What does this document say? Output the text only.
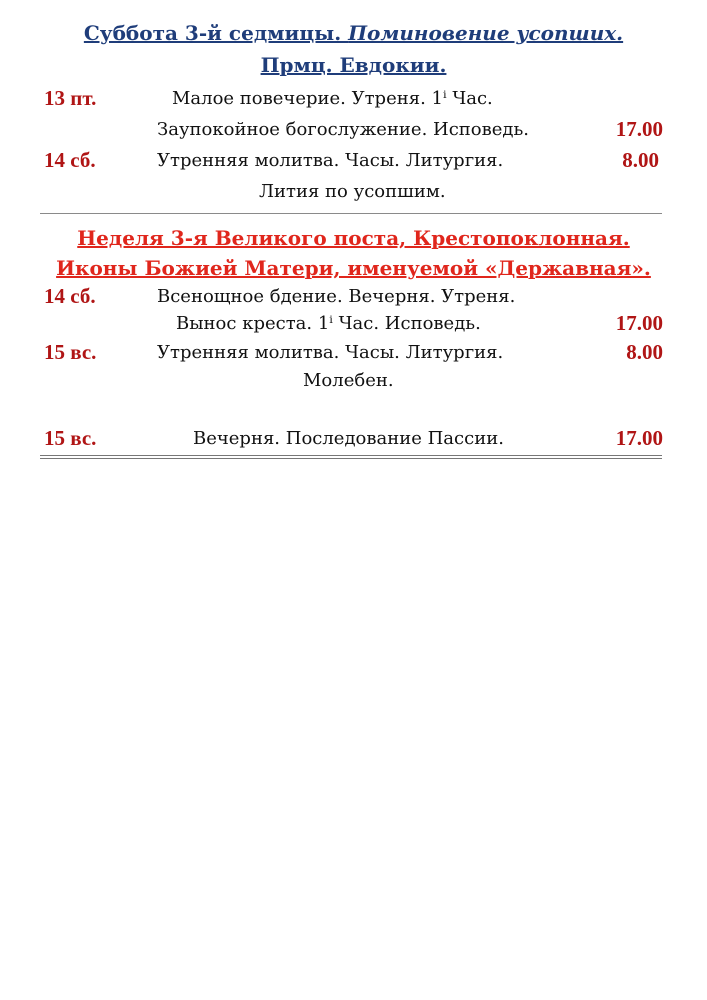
Суббота 3-й седмицы. Поминовение усопших.
Прмц. Евдокии.
13 пт.	Малое повечерие. Утреня. 1ⁱ Час.
Заупокойное богослужение. Исповедь.	17.00
14 сб.	Утренняя молитва. Часы. Литургия.	8.00
Лития по усопшим.
Неделя 3-я Великого поста, Крестопоклонная.
Иконы Божией Матери, именуемой «Державная».
14 сб.	Всенощное бдение. Вечерня. Утреня.
Вынос креста. 1ⁱ Час. Исповедь.	17.00
15 вс.	Утренняя молитва. Часы. Литургия.	8.00
Молебен.
15 вс.	Вечерня. Последование Пассии.	17.00
